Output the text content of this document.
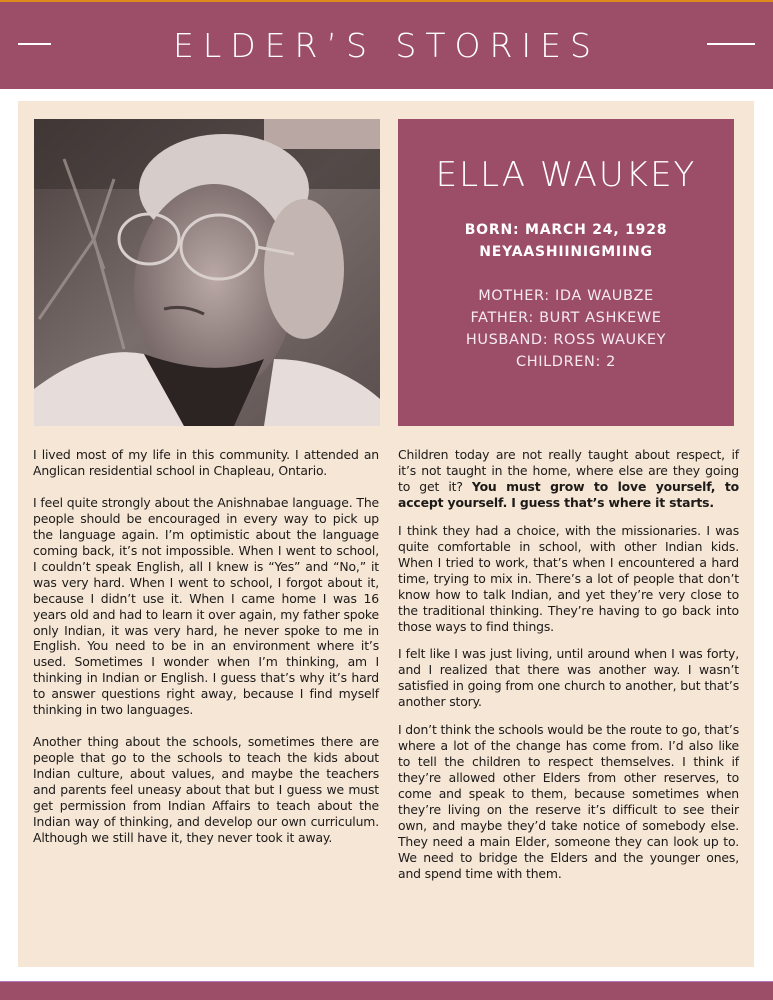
ELDER’S STORIES
ELLA WAUKEY
BORN: MARCH 24, 1928
NEYAASHIINIGMIING
MOTHER: IDA WAUBZE
FATHER: BURT ASHKEWE
HUSBAND: ROSS WAUKEY
CHILDREN: 2

I lived most of my life in this community. I attended an Anglican residential school in Chapleau, Ontario.

I feel quite strongly about the Anishnabae language. The people should be encouraged in every way to pick up the language again. I’m optimistic about the language coming back, it’s not impossible. When I went to school, I couldn’t speak English, all I knew is “Yes” and “No,” it was very hard. When I went to school, I forgot about it, because I didn’t use it. When I came home I was 16 years old and had to learn it over again, my father spoke only Indian, it was very hard, he never spoke to me in English. You need to be in an environment where it’s used. Sometimes I wonder when I’m thinking, am I thinking in Indian or English. I guess that’s why it’s hard to answer questions right away, because I find myself thinking in two languages.

Another thing about the schools, sometimes there are people that go to the schools to teach the kids about Indian culture, about values, and maybe the teachers and parents feel uneasy about that but I guess we must get permission from Indian Affairs to teach about the Indian way of thinking, and develop our own curriculum. Although we still have it, they never took it away.

Children today are not really taught about respect, if it’s not taught in the home, where else are they going to get it? You must grow to love yourself, to accept yourself. I guess that’s where it starts.

I think they had a choice, with the missionaries. I was quite comfortable in school, with other Indian kids. When I tried to work, that’s when I encountered a hard time, trying to mix in. There’s a lot of people that don’t know how to talk Indian, and yet they’re very close to the traditional thinking. They’re having to go back into those ways to find things.

I felt like I was just living, until around when I was forty, and I realized that there was another way. I wasn’t satisfied in going from one church to another, but that’s another story.

I don’t think the schools would be the route to go, that’s where a lot of the change has come from. I’d also like to tell the children to respect themselves. I think if they’re allowed other Elders from other reserves, to come and speak to them, because sometimes when they’re living on the reserve it’s difficult to see their own, and maybe they’d take notice of somebody else. They need a main Elder, someone they can look up to. We need to bridge the Elders and the younger ones, and spend time with them.
